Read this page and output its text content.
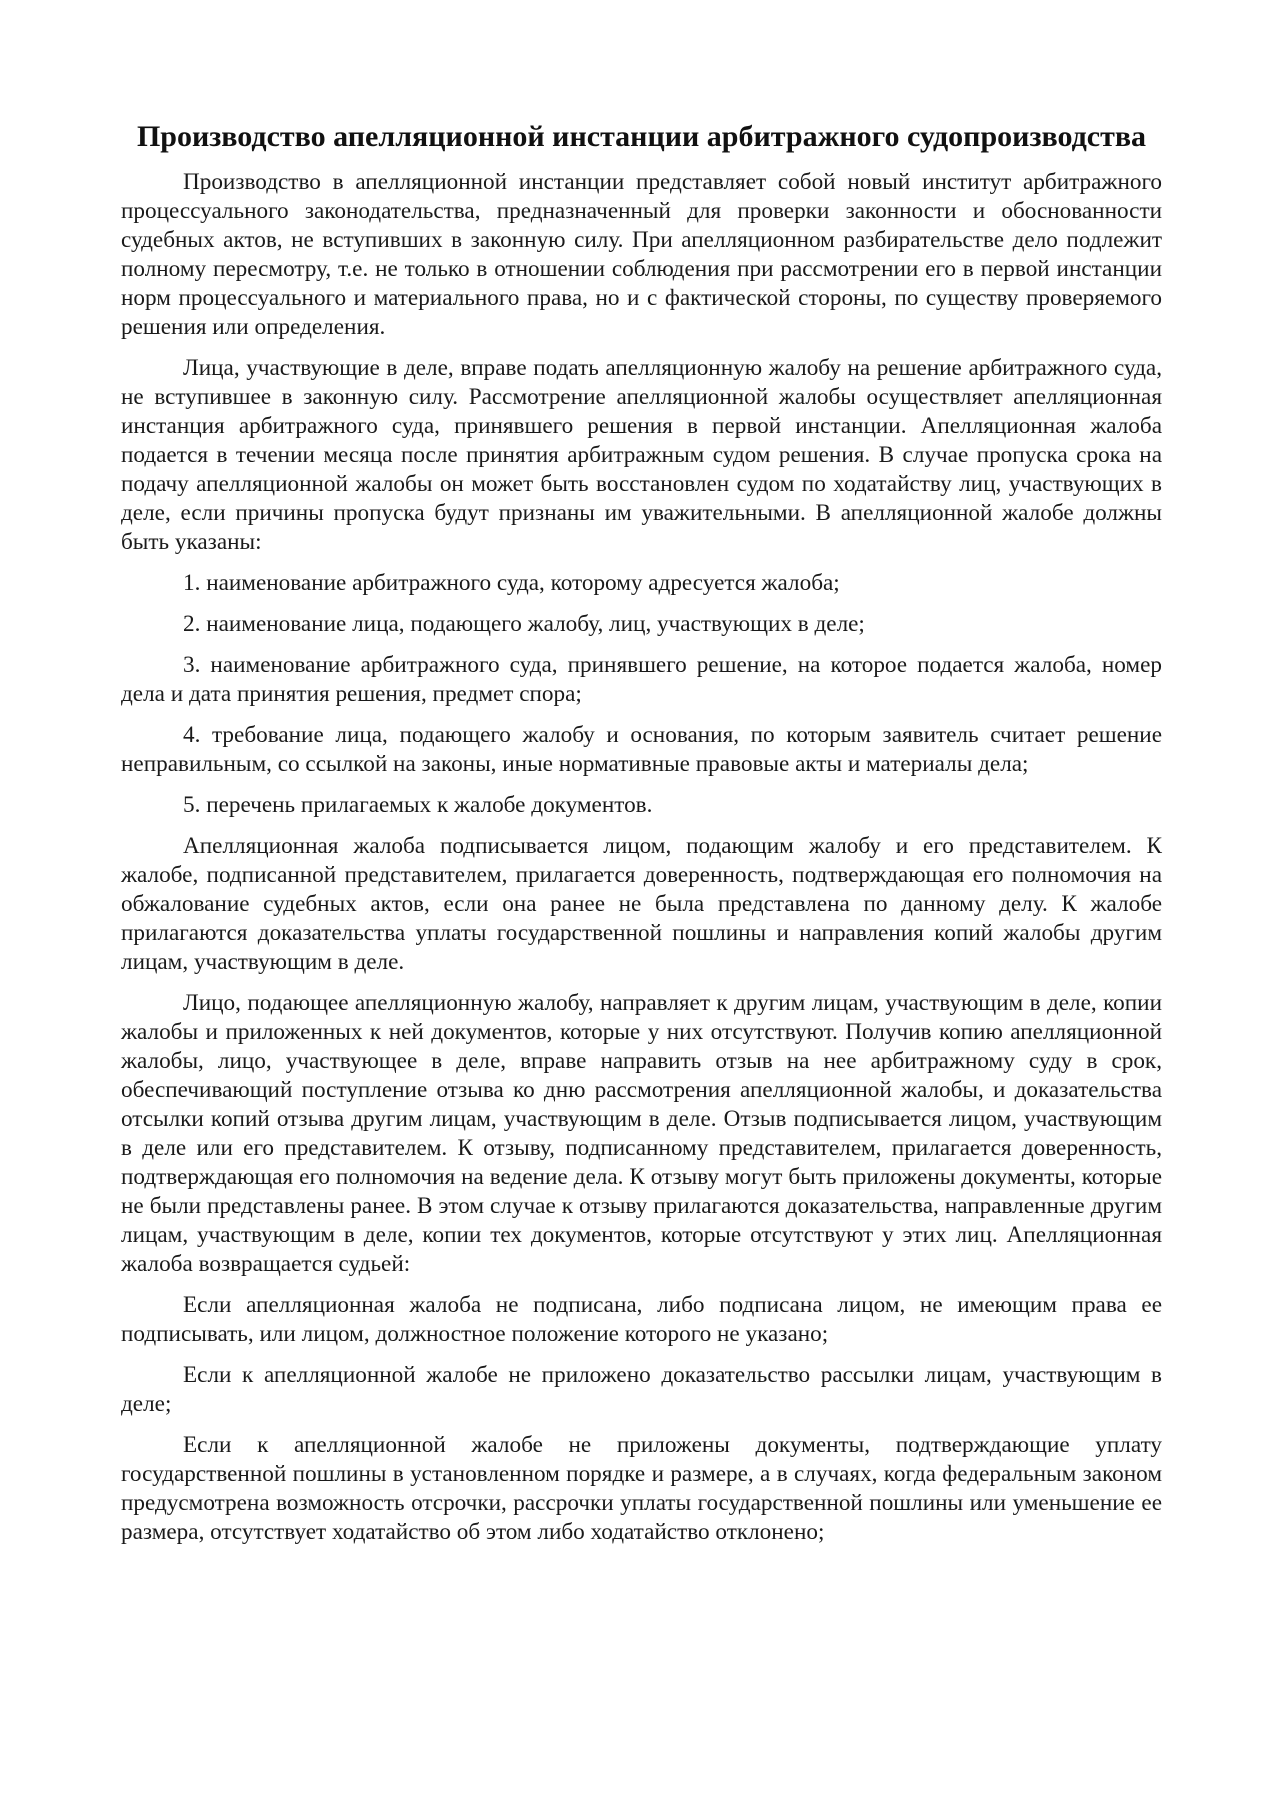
Производство апелляционной инстанции арбитражного судопроизводства

Производство в апелляционной инстанции представляет собой новый институт арбитражного процессуального законодательства, предназначенный для проверки законности и обоснованности судебных актов, не вступивших в законную силу. При апелляционном разбирательстве дело подлежит полному пересмотру, т.е. не только в отношении соблюдения при рассмотрении его в первой инстанции норм процессуального и материального права, но и с фактической стороны, по существу проверяемого решения или определения.

Лица, участвующие в деле, вправе подать апелляционную жалобу на решение арбитражного суда, не вступившее в законную силу. Рассмотрение апелляционной жалобы осуществляет апелляционная инстанция арбитражного суда, принявшего решения в первой инстанции. Апелляционная жалоба подается в течении месяца после принятия арбитражным судом решения. В случае пропуска срока на подачу апелляционной жалобы он может быть восстановлен судом по ходатайству лиц, участвующих в деле, если причины пропуска будут признаны им уважительными. В апелляционной жалобе должны быть указаны:

1. наименование арбитражного суда, которому адресуется жалоба;

2. наименование лица, подающего жалобу, лиц, участвующих в деле;

3. наименование арбитражного суда, принявшего решение, на которое подается жалоба, номер дела и дата принятия решения, предмет спора;

4. требование лица, подающего жалобу и основания, по которым заявитель считает решение неправильным, со ссылкой на законы, иные нормативные правовые акты и материалы дела;

5. перечень прилагаемых к жалобе документов.

Апелляционная жалоба подписывается лицом, подающим жалобу и его представителем. К жалобе, подписанной представителем, прилагается доверенность, подтверждающая его полномочия на обжалование судебных актов, если она ранее не была представлена по данному делу. К жалобе прилагаются доказательства уплаты государственной пошлины и направления копий жалобы другим лицам, участвующим в деле.

Лицо, подающее апелляционную жалобу, направляет к другим лицам, участвующим в деле, копии жалобы и приложенных к ней документов, которые у них отсутствуют. Получив копию апелляционной жалобы, лицо, участвующее в деле, вправе направить отзыв на нее арбитражному суду в срок, обеспечивающий поступление отзыва ко дню рассмотрения апелляционной жалобы, и доказательства отсылки копий отзыва другим лицам, участвующим в деле. Отзыв подписывается лицом, участвующим в деле или его представителем. К отзыву, подписанному представителем, прилагается доверенность, подтверждающая его полномочия на ведение дела. К отзыву могут быть приложены документы, которые не были представлены ранее. В этом случае к отзыву прилагаются доказательства, направленные другим лицам, участвующим в деле, копии тех документов, которые отсутствуют у этих лиц. Апелляционная жалоба возвращается судьей:

Если апелляционная жалоба не подписана, либо подписана лицом, не имеющим права ее подписывать, или лицом, должностное положение которого не указано;

Если к апелляционной жалобе не приложено доказательство рассылки лицам, участвующим в деле;

Если к апелляционной жалобе не приложены документы, подтверждающие уплату государственной пошлины в установленном порядке и размере, а в случаях, когда федеральным законом предусмотрена возможность отсрочки, рассрочки уплаты государственной пошлины или уменьшение ее размера, отсутствует ходатайство об этом либо ходатайство отклонено;
